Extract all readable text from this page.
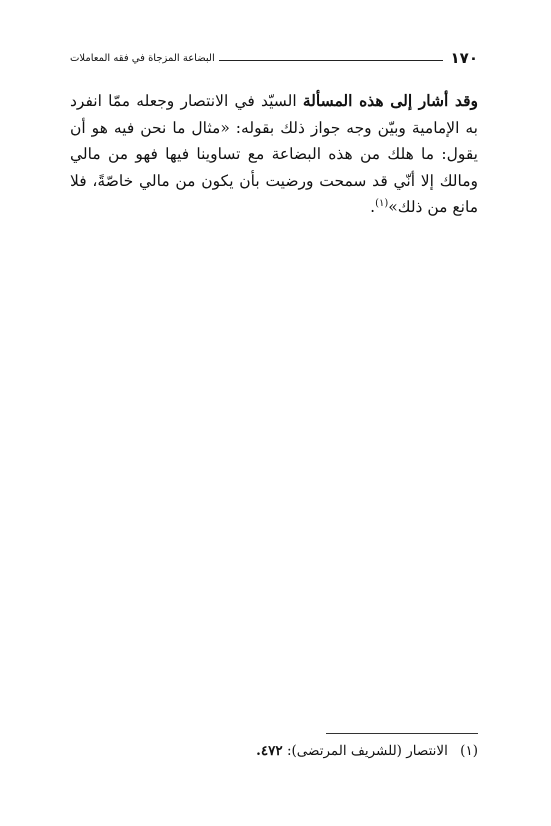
١٧٠
البضاعة المزجاة في فقه المعاملات
وقد أشار إلى هذه المسألة السيّد في الانتصار وجعله ممّا انفرد به الإمامية وبيّن وجه جواز ذلك بقوله: «مثال ما نحن فيه هو أن يقول: ما هلك من هذه البضاعة مع تساوينا فيها فهو من مالي ومالك إلا أنّي قد سمحت ورضيت بأن يكون من مالي خاصّةً، فلا مانع من ذلك»$^{(١)}$.
(١) الانتصار (للشريف المرتضى): ٤٧٢.
